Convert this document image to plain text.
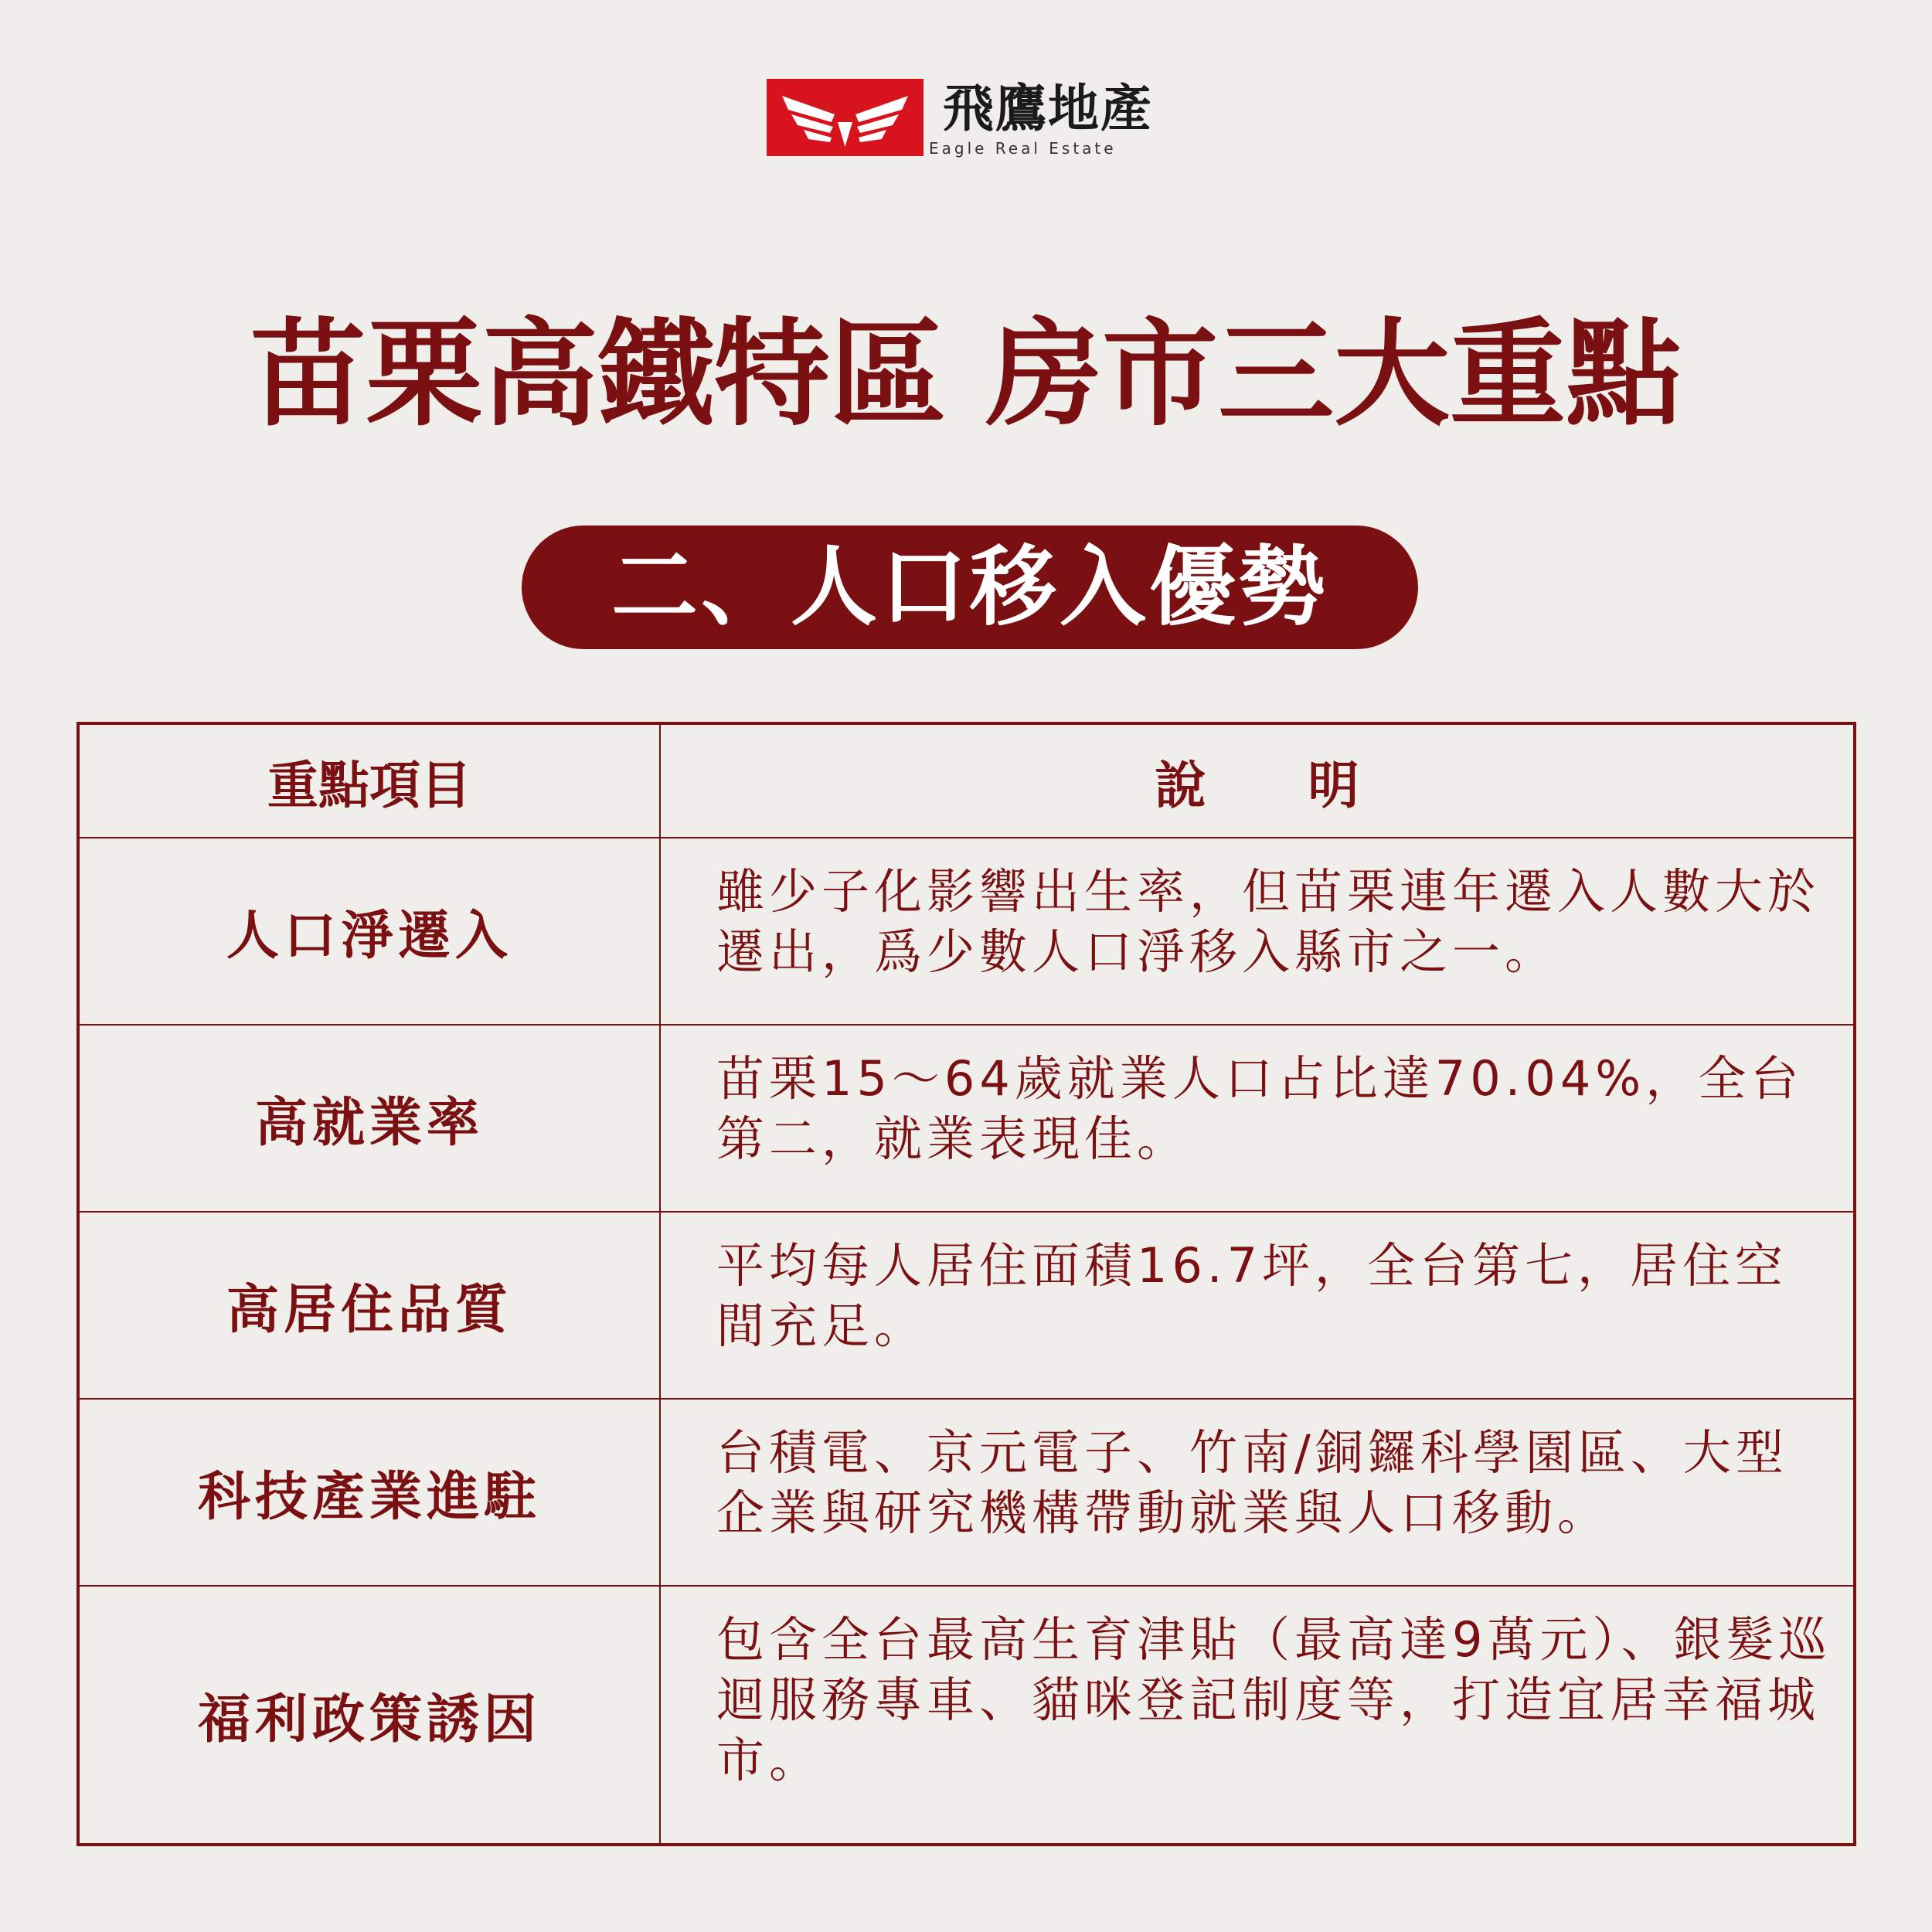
飛鷹地產
Eagle Real Estate
苗栗高鐵特區 房市三大重點
二、人口移入優勢
重點項目	說　　明
人口淨遷入	雖少子化影響出生率，但苗栗連年遷入人數大於遷出，爲少數人口淨移入縣市之一。
高就業率	苗栗15～64歲就業人口占比達70.04%，全台第二，就業表現佳。
高居住品質	平均每人居住面積16.7坪，全台第七，居住空間充足。
科技產業進駐	台積電、京元電子、竹南/銅鑼科學園區、大型企業與研究機構帶動就業與人口移動。
福利政策誘因	包含全台最高生育津貼（最高達9萬元）、銀髮巡迴服務專車、貓咪登記制度等，打造宜居幸福城市。
